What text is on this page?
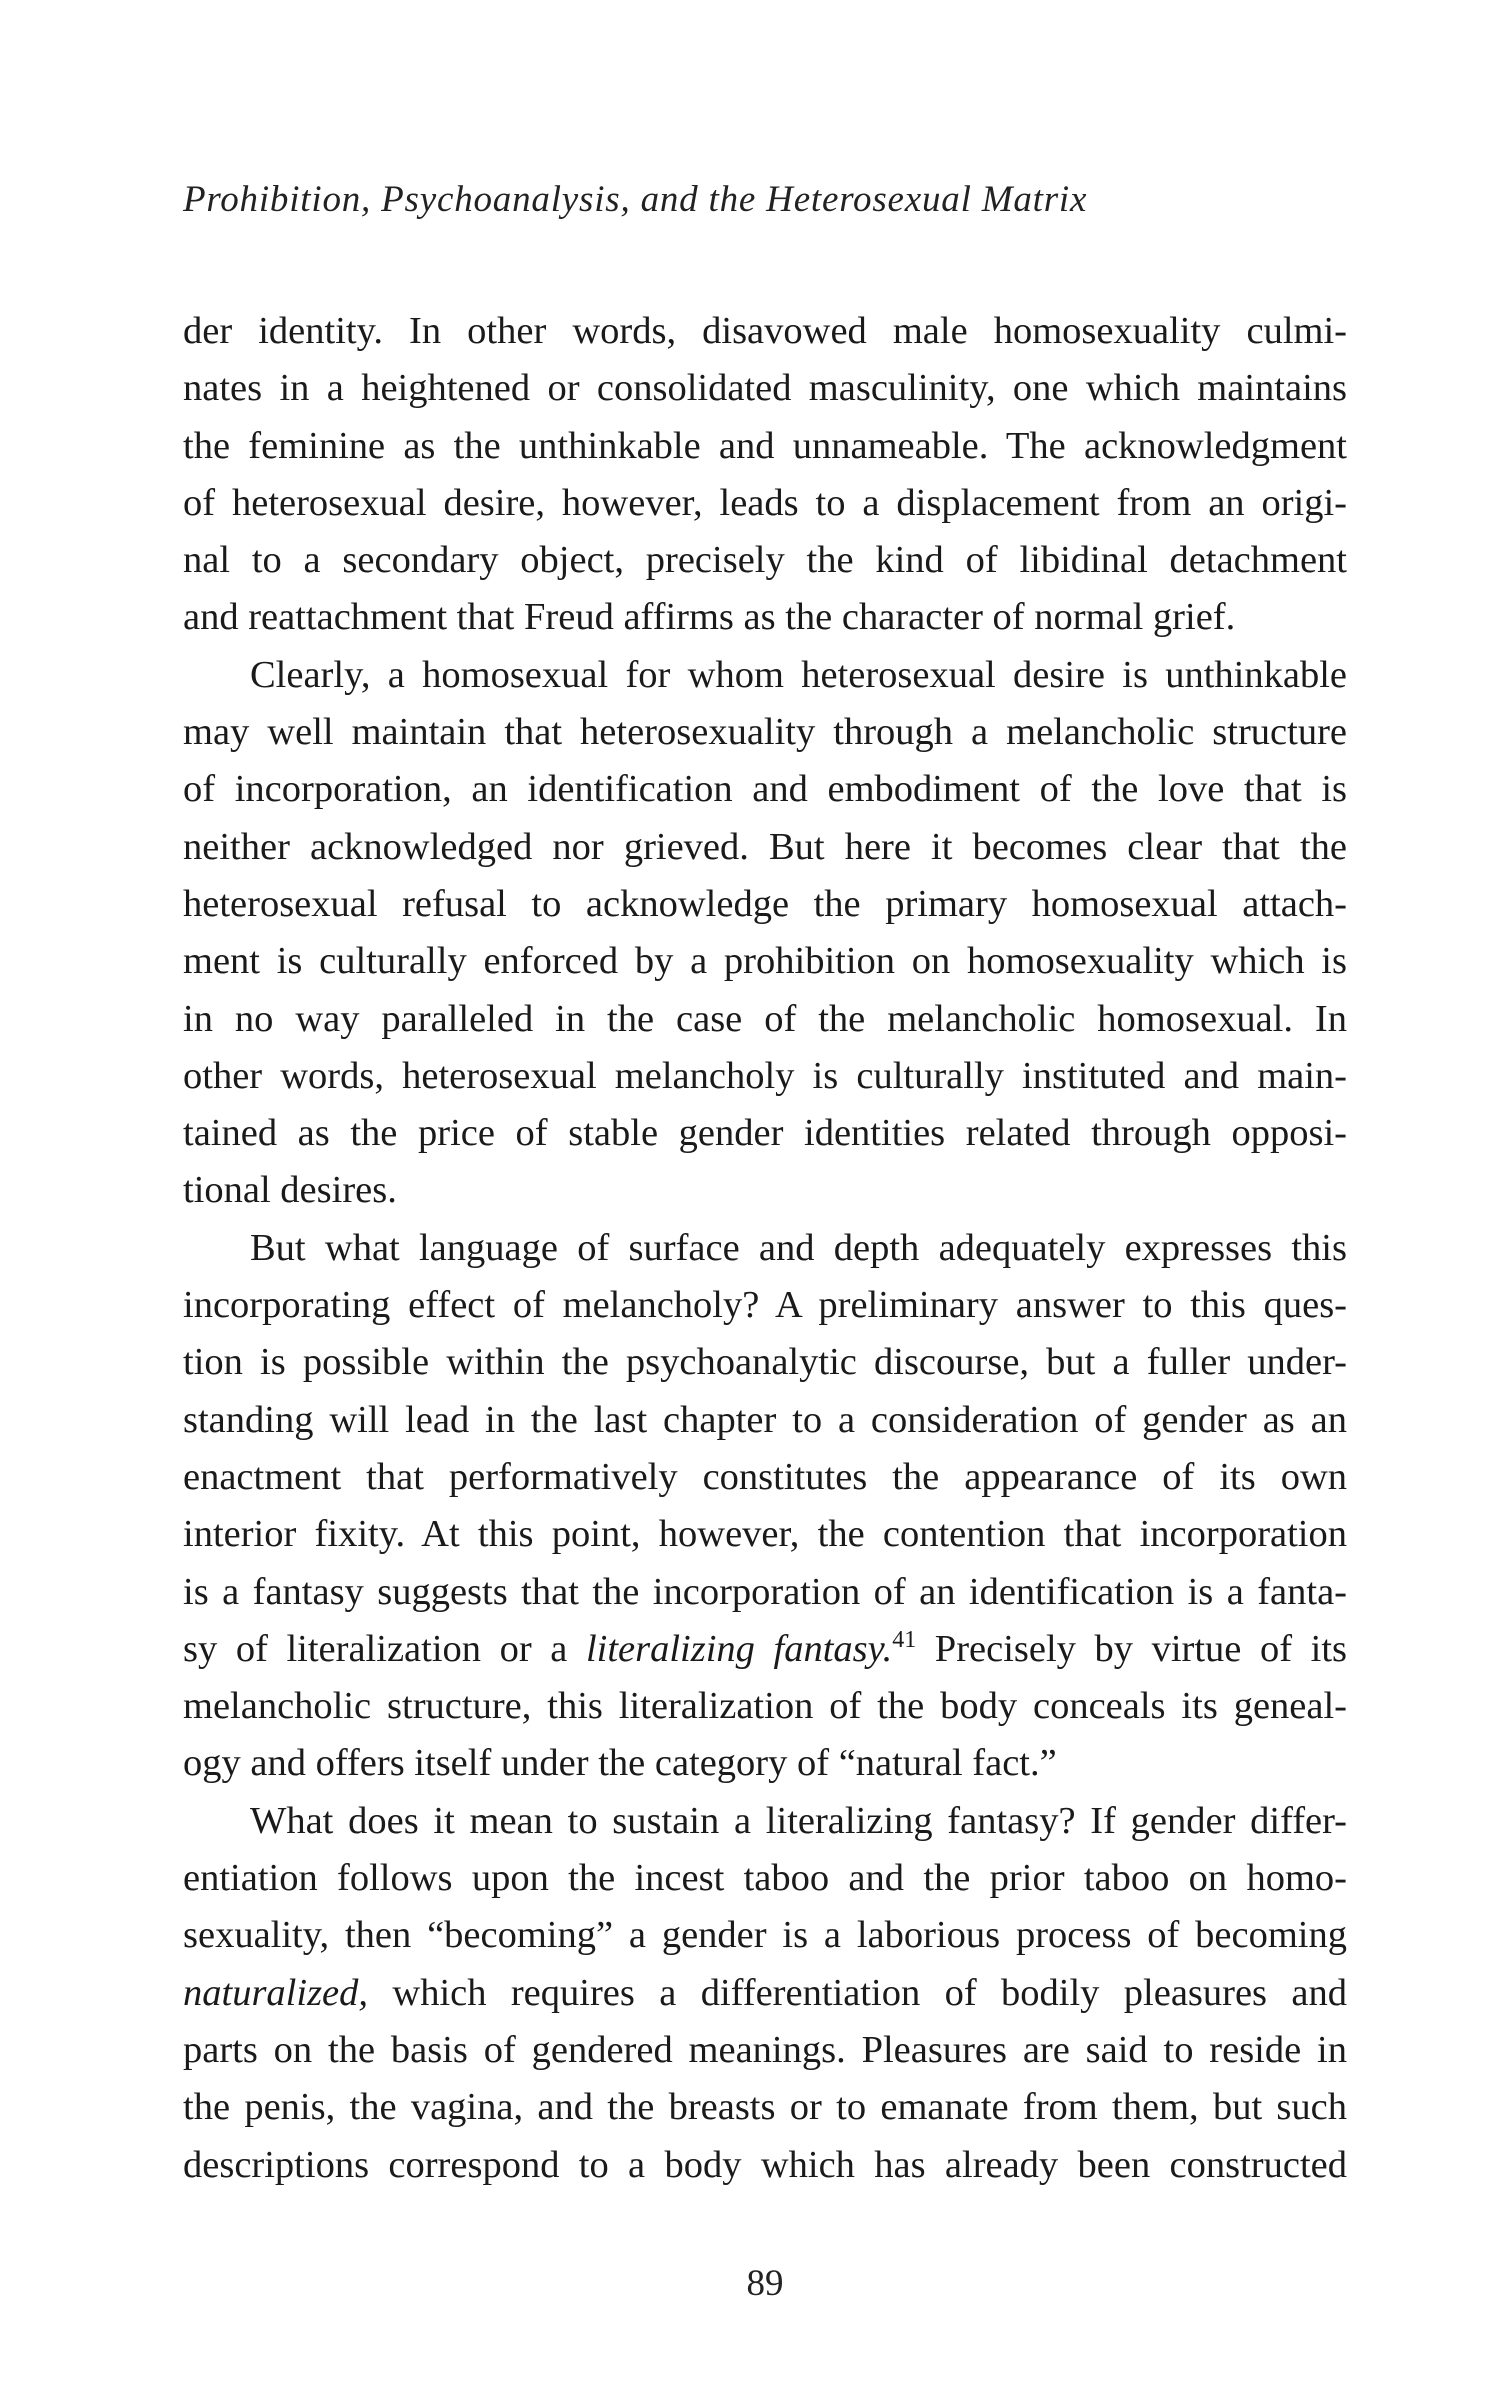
Prohibition, Psychoanalysis, and the Heterosexual Matrix
der identity. In other words, disavowed male homosexuality culmi-
nates in a heightened or consolidated masculinity, one which maintains
the feminine as the unthinkable and unnameable. The acknowledgment
of heterosexual desire, however, leads to a displacement from an origi-
nal to a secondary object, precisely the kind of libidinal detachment
and reattachment that Freud affirms as the character of normal grief.
Clearly, a homosexual for whom heterosexual desire is unthinkable
may well maintain that heterosexuality through a melancholic structure
of incorporation, an identification and embodiment of the love that is
neither acknowledged nor grieved. But here it becomes clear that the
heterosexual refusal to acknowledge the primary homosexual attach-
ment is culturally enforced by a prohibition on homosexuality which is
in no way paralleled in the case of the melancholic homosexual. In
other words, heterosexual melancholy is culturally instituted and main-
tained as the price of stable gender identities related through opposi-
tional desires.
But what language of surface and depth adequately expresses this
incorporating effect of melancholy? A preliminary answer to this ques-
tion is possible within the psychoanalytic discourse, but a fuller under-
standing will lead in the last chapter to a consideration of gender as an
enactment that performatively constitutes the appearance of its own
interior fixity. At this point, however, the contention that incorporation
is a fantasy suggests that the incorporation of an identification is a fanta-
sy of literalization or a literalizing fantasy.$^{41}$ Precisely by virtue of its
melancholic structure, this literalization of the body conceals its geneal-
ogy and offers itself under the category of “natural fact.”
What does it mean to sustain a literalizing fantasy? If gender differ-
entiation follows upon the incest taboo and the prior taboo on homo-
sexuality, then “becoming” a gender is a laborious process of becoming
naturalized, which requires a differentiation of bodily pleasures and
parts on the basis of gendered meanings. Pleasures are said to reside in
the penis, the vagina, and the breasts or to emanate from them, but such
descriptions correspond to a body which has already been constructed
89
